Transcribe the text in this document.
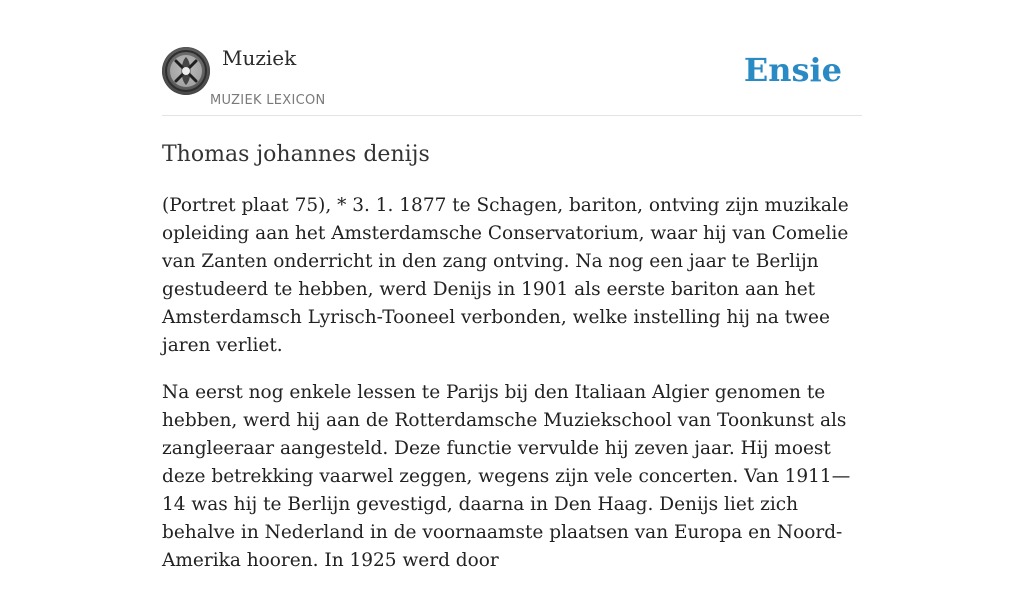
Muziek
MUZIEK LEXICON
Ensie
Thomas johannes denijs

(Portret plaat 75), * 3. 1. 1877 te Schagen, bariton, ontving zijn muzikale opleiding aan het Amsterdamsche Conservatorium, waar hij van Comelie van Zanten onderricht in den zang ontving. Na nog een jaar te Berlijn gestudeerd te hebben, werd Denijs in 1901 als eerste bariton aan het Amsterdamsch Lyrisch-Tooneel verbonden, welke instelling hij na twee jaren verliet.

Na eerst nog enkele lessen te Parijs bij den Italiaan Algier genomen te hebben, werd hij aan de Rotterdamsche Muziekschool van Toonkunst als zangleeraar aangesteld. Deze functie vervulde hij zeven jaar. Hij moest deze betrekking vaarwel zeggen, wegens zijn vele concerten. Van 1911—14 was hij te Berlijn gevestigd, daarna in Den Haag. Denijs liet zich behalve in Nederland in de voornaamste plaatsen van Europa en Noord-Amerika hooren. In 1925 werd door
